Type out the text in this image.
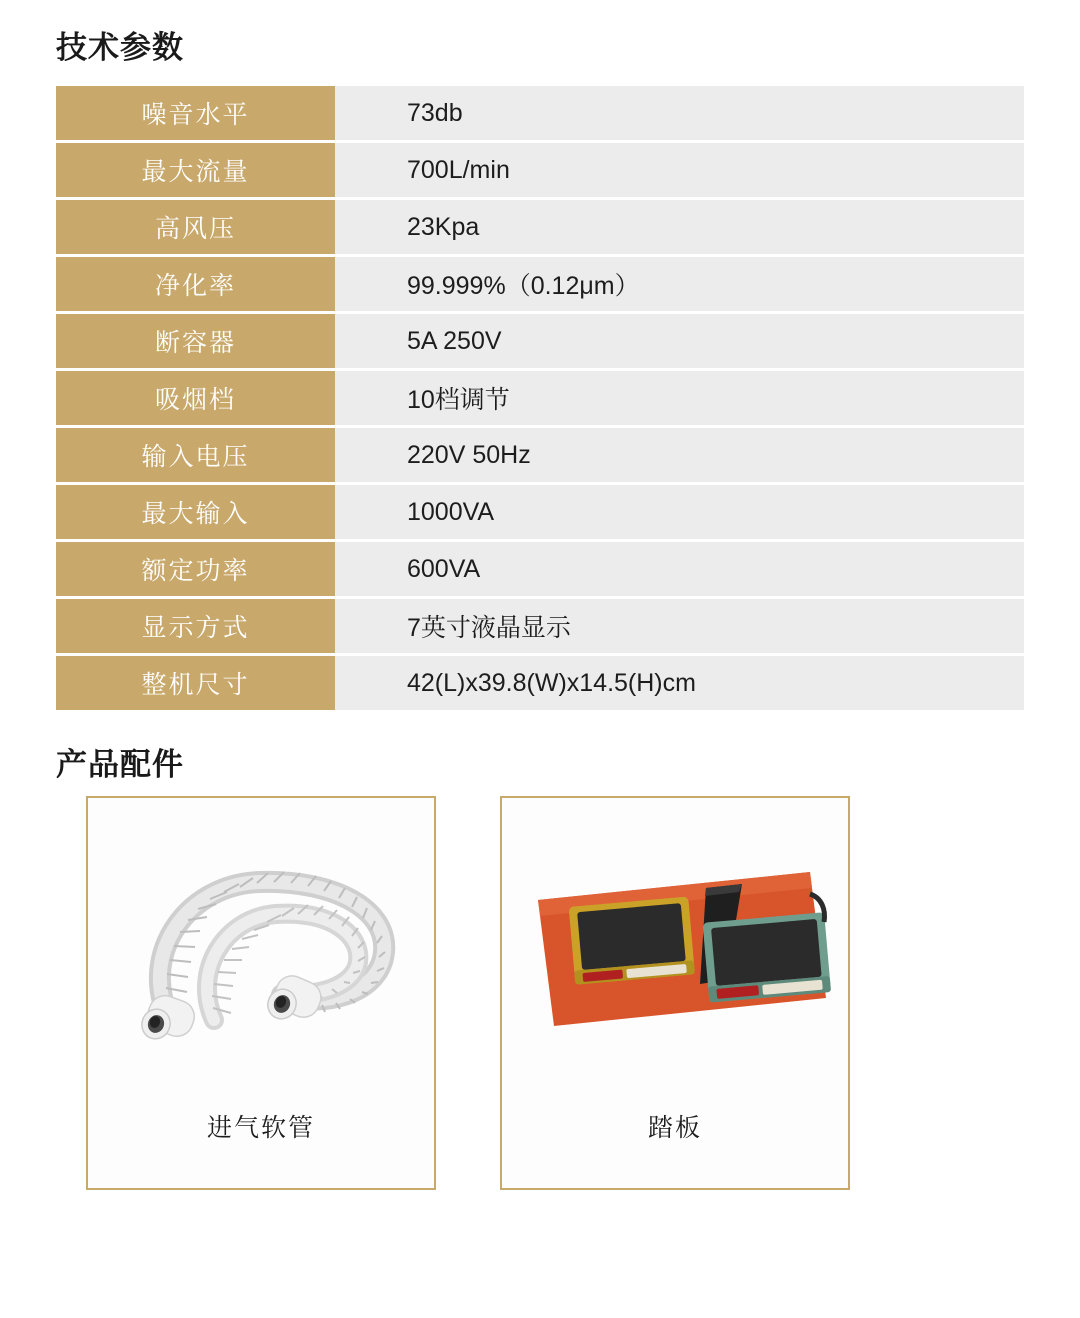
技术参数
噪音水平	73db
最大流量	700L/min
高风压	23Kpa
净化率	99.999%（0.12μm）
断容器	5A 250V
吸烟档	10档调节
输入电压	220V 50Hz
最大输入	1000VA
额定功率	600VA
显示方式	7英寸液晶显示
整机尺寸	42(L)x39.8(W)x14.5(H)cm
产品配件
进气软管	踏板
